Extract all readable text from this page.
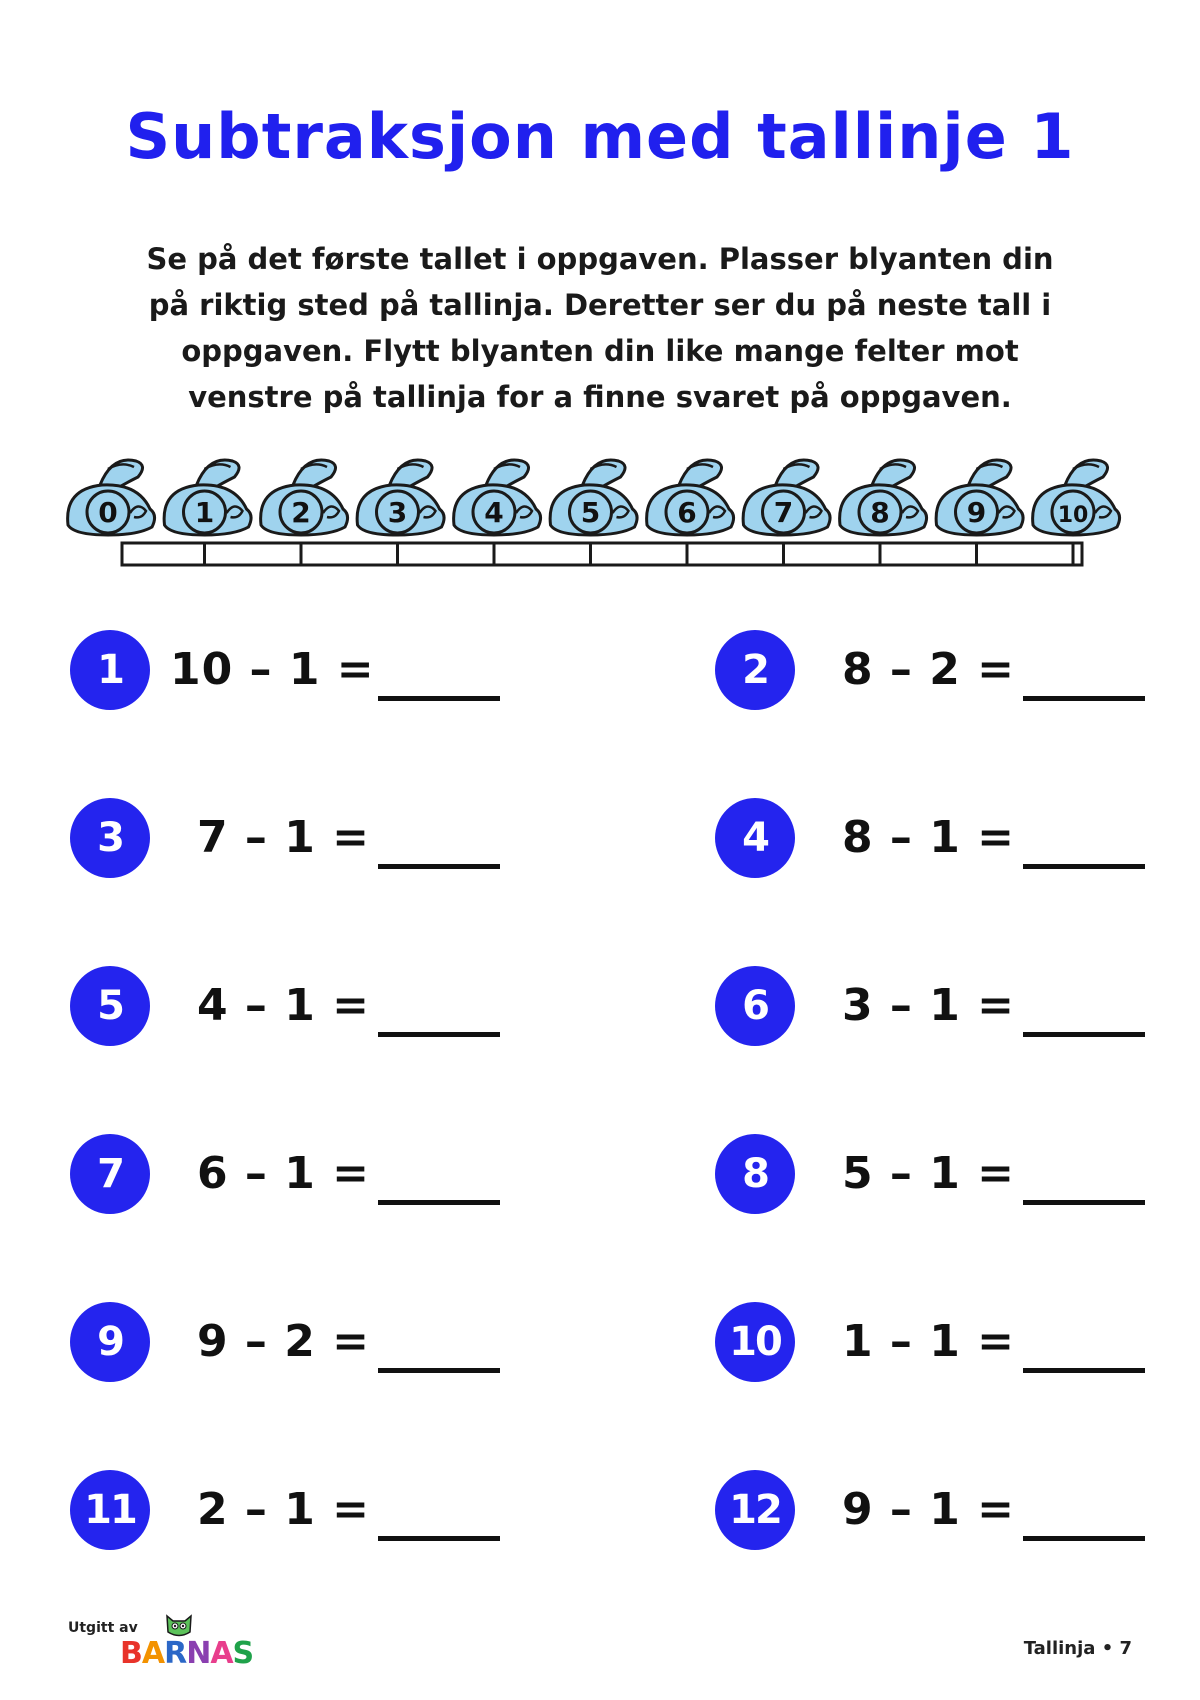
Subtraksjon med tallinje 1
Se på det første tallet i oppgaven. Plasser blyanten din på riktig sted på tallinja. Deretter ser du på neste tall i oppgaven. Flytt blyanten din like mange felter mot venstre på tallinja for a finne svaret på oppgaven.
0	1	2	3	4	5	6	7	8	9	10
1	10 – 1 =	2	8 – 2 =
3	7 – 1 =	4	8 – 1 =
5	4 – 1 =	6	3 – 1 =
7	6 – 1 =	8	5 – 1 =
9	9 – 2 =	10	1 – 1 =
11	2 – 1 =	12	9 – 1 =
Utgitt av
BARNAS	Tallinja • 7
